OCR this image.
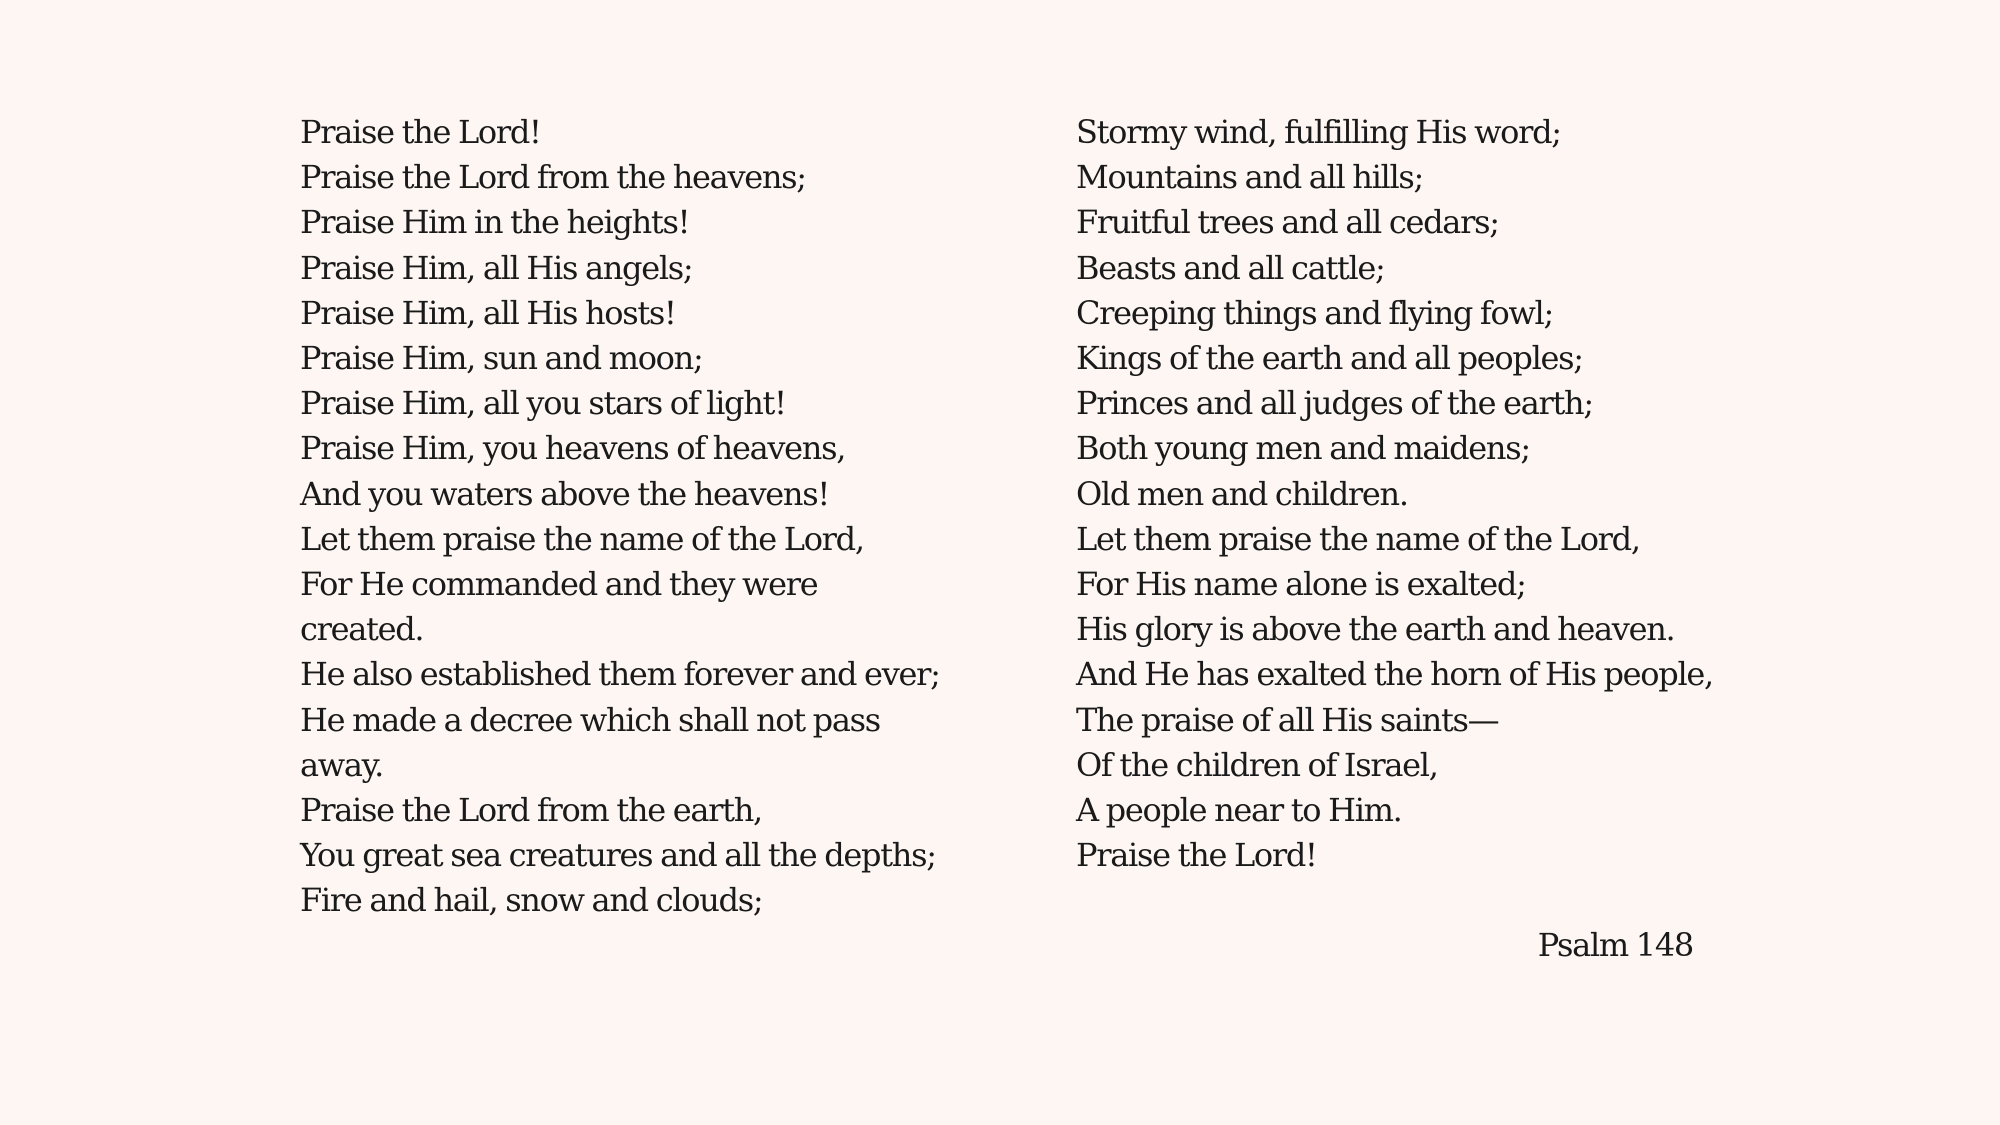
Praise the Lord!
Praise the Lord from the heavens;
Praise Him in the heights!
Praise Him, all His angels;
Praise Him, all His hosts!
Praise Him, sun and moon;
Praise Him, all you stars of light!
Praise Him, you heavens of heavens,
And you waters above the heavens!
Let them praise the name of the Lord,
For He commanded and they were created.
He also established them forever and ever;
He made a decree which shall not pass away.
Praise the Lord from the earth,
You great sea creatures and all the depths;
Fire and hail, snow and clouds;
Stormy wind, fulfilling His word;
Mountains and all hills;
Fruitful trees and all cedars;
Beasts and all cattle;
Creeping things and flying fowl;
Kings of the earth and all peoples;
Princes and all judges of the earth;
Both young men and maidens;
Old men and children.
Let them praise the name of the Lord,
For His name alone is exalted;
His glory is above the earth and heaven.
And He has exalted the horn of His people,
The praise of all His saints—
Of the children of Israel,
A people near to Him.
Praise the Lord!

Psalm 148
